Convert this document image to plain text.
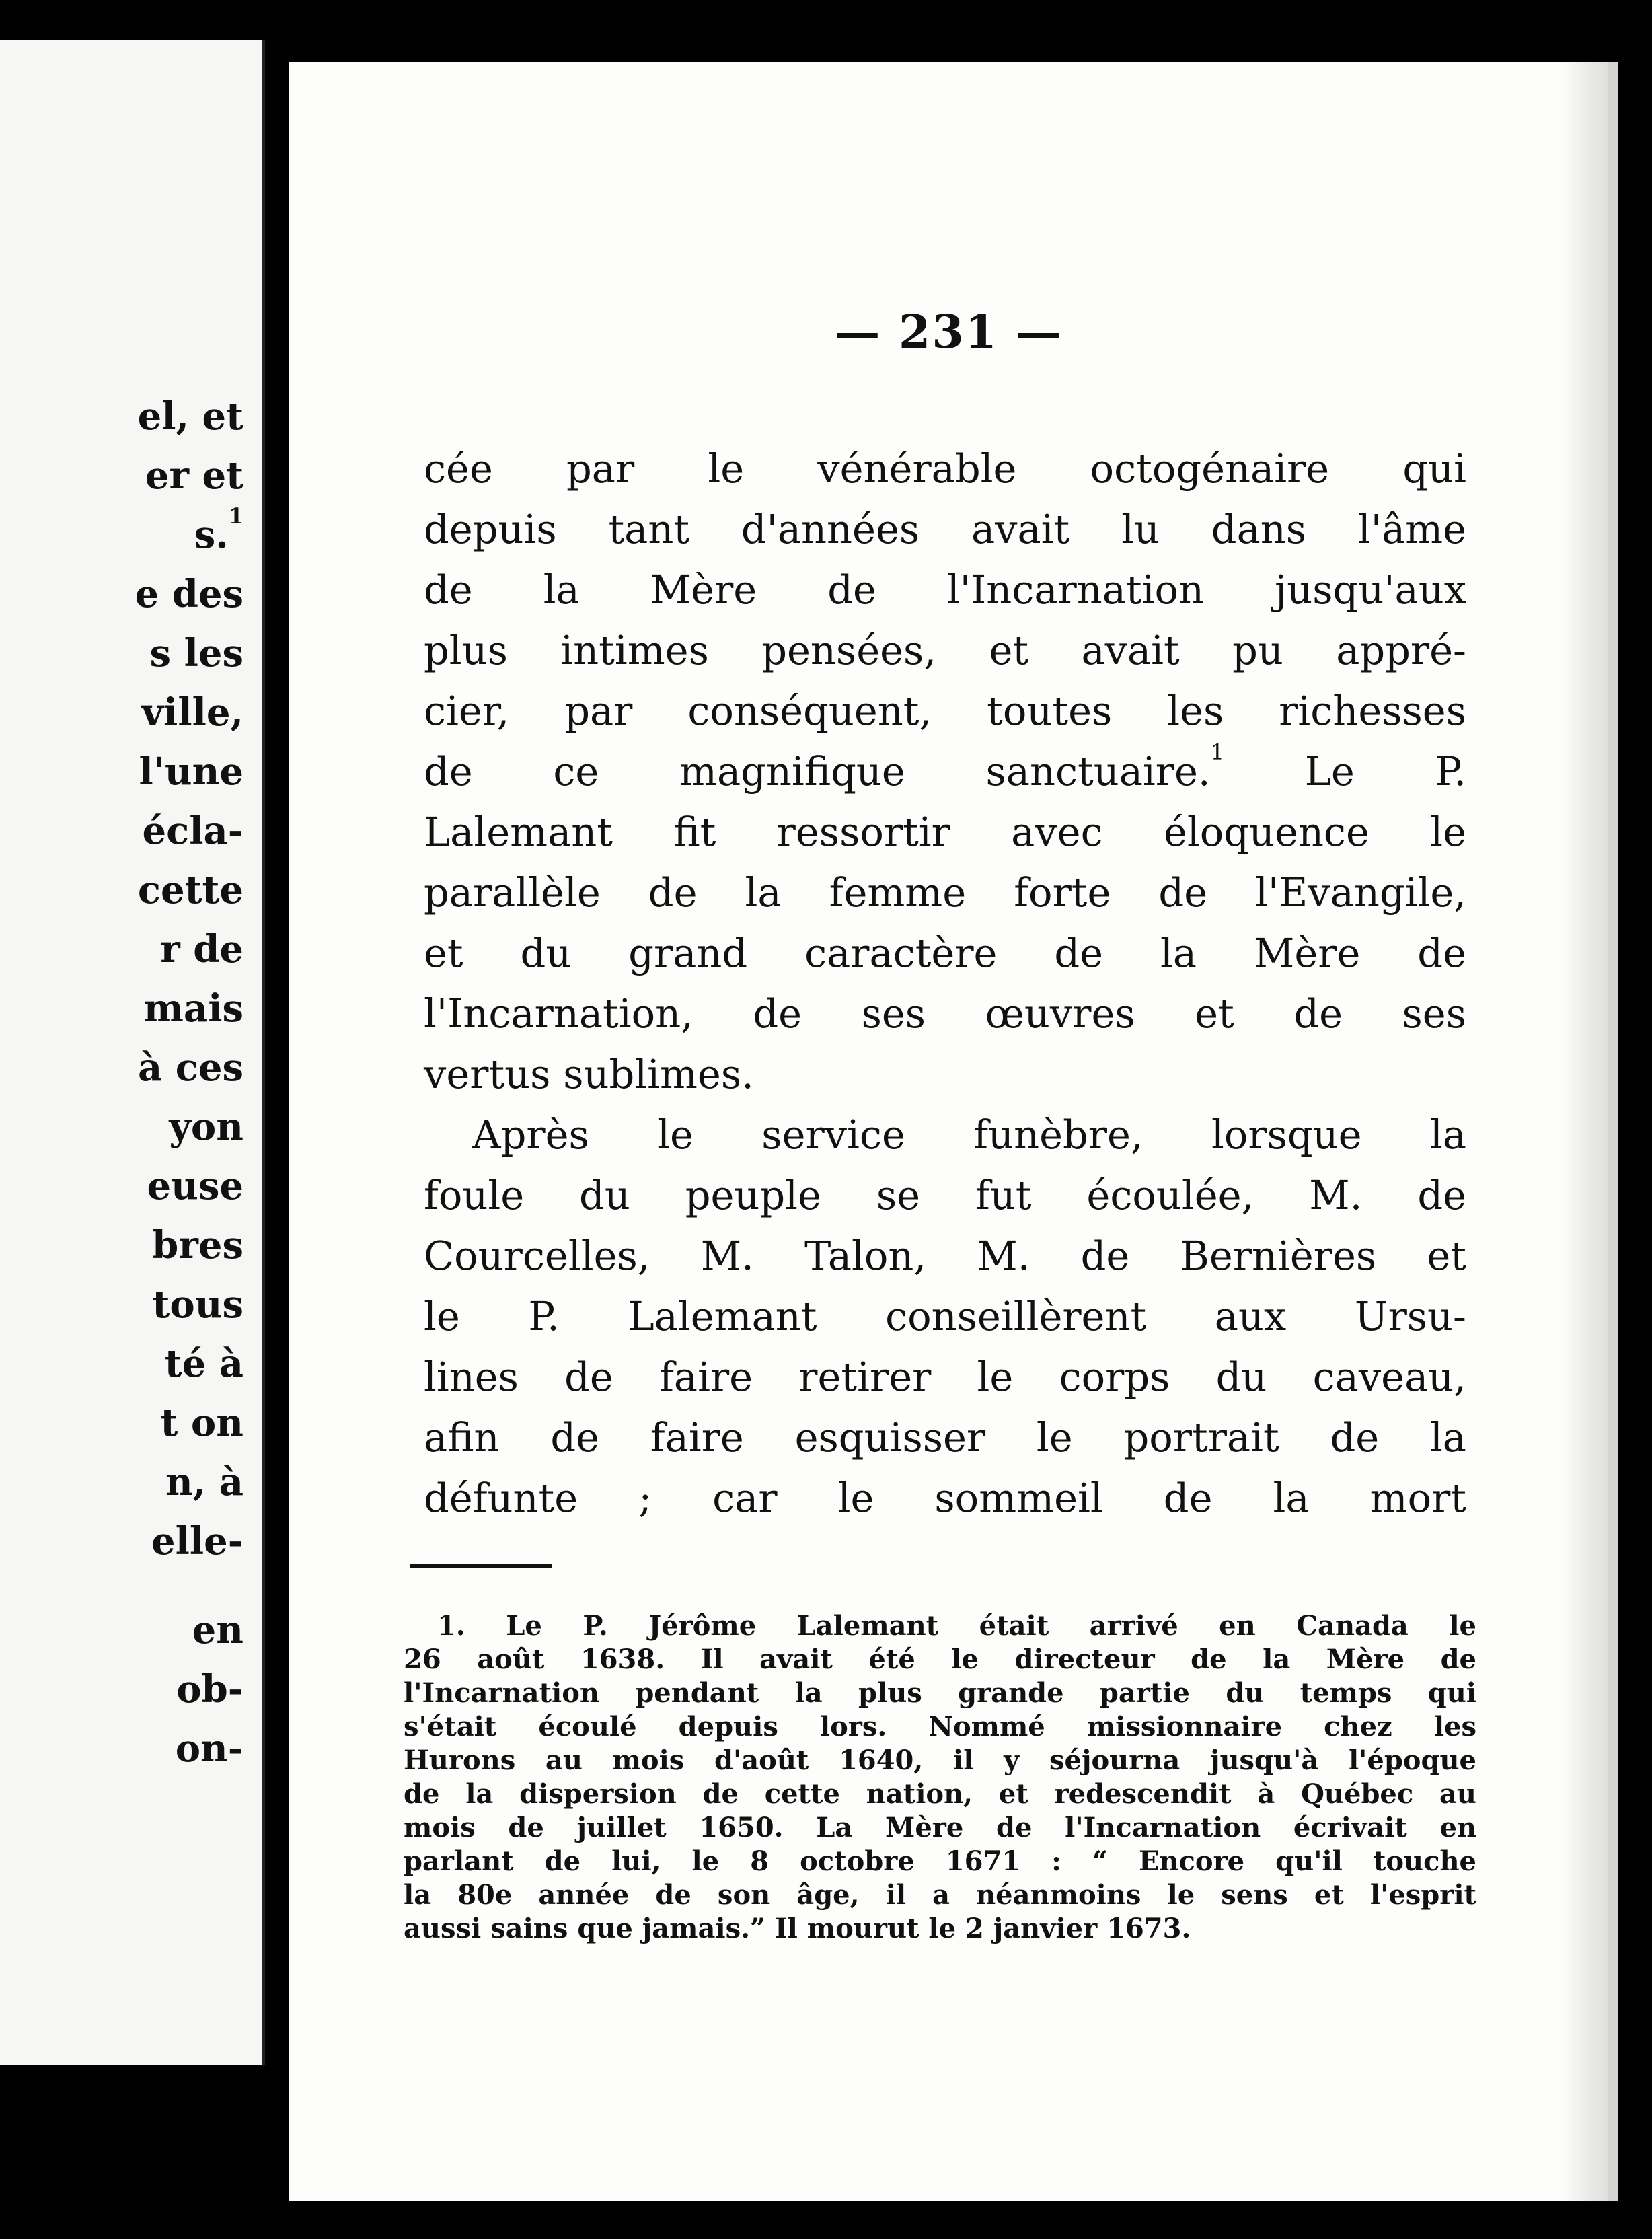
el, et
er et
s.$^1$
e des
s les
ville,
l'une
écla-
cette
r de
mais
à ces
yon
euse
bres
tous
té à
t on
n, à
elle-
en
ob-
on-
— 231 —
cée par le vénérable octogénaire qui
depuis tant d'années avait lu dans l'âme
de la Mère de l'Incarnation jusqu'aux
plus intimes pensées, et avait pu appré-
cier, par conséquent, toutes les richesses
de ce magnifique sanctuaire.$^1$ Le P.
Lalemant fit ressortir avec éloquence le
parallèle de la femme forte de l'Evangile,
et du grand caractère de la Mère de
l'Incarnation, de ses œuvres et de ses
vertus sublimes.
Après le service funèbre, lorsque la
foule du peuple se fut écoulée, M. de
Courcelles, M. Talon, M. de Bernières et
le P. Lalemant conseillèrent aux Ursu-
lines de faire retirer le corps du caveau,
afin de faire esquisser le portrait de la
défunte ; car le sommeil de la mort
1. Le P. Jérôme Lalemant était arrivé en Canada le
26 août 1638. Il avait été le directeur de la Mère de
l'Incarnation pendant la plus grande partie du temps qui
s'était écoulé depuis lors. Nommé missionnaire chez les
Hurons au mois d'août 1640, il y séjourna jusqu'à l'époque
de la dispersion de cette nation, et redescendit à Québec au
mois de juillet 1650. La Mère de l'Incarnation écrivait en
parlant de lui, le 8 octobre 1671 : “ Encore qu'il touche
la 80e année de son âge, il a néanmoins le sens et l'esprit
aussi sains que jamais.” Il mourut le 2 janvier 1673.
